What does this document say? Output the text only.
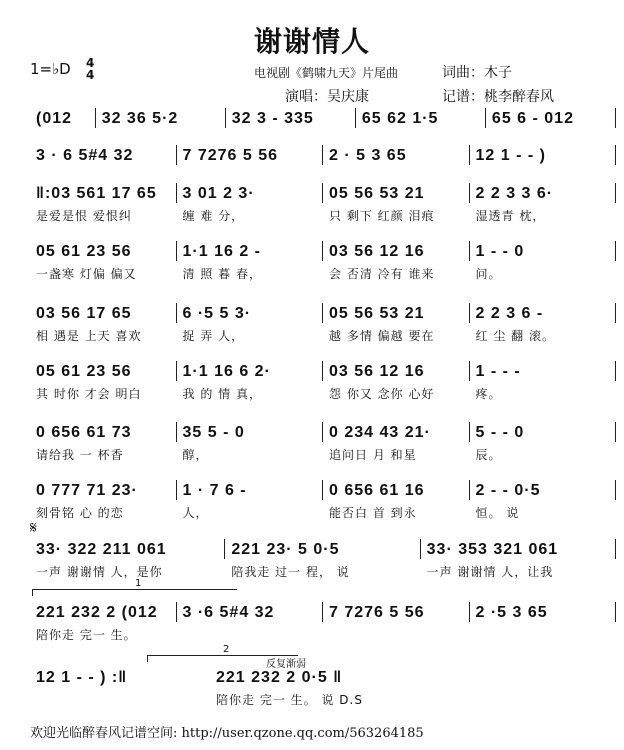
谢谢情人
1=♭D 4
4	电视剧《鹤啸九天》片尾曲	词曲：木子
演唱：吴庆康	记谱：桃李醉春风
𝄋
1
2
反复渐弱
(012	32 36 5·2	32 3 - 335	65 62 1·5	65 6 - 012
3 · 6 5#4 32	7 7276 5 56	2 · 5 3 65	12 1 - - )
‖:03 561 17 65
是爱是恨 爱恨纠
3 01 2 3·
缠 难 分，
05 56 53 21
只 剩下 红颜 泪痕
2 2 3 3 6·
湿透青 枕，
05 61 23 56
一盏寒 灯偏 偏又
1·1 16 2 -
清 照 暮 春，
03 56 12 16
会 否清 冷有 谁来
1 - - 0
问。
03 56 17 65
相 遇是 上天 喜欢
6 ·5 5 3·
捉 弄 人，
05 56 53 21
越 多情 偏越 要在
2 2 3 6 -
红 尘 翻 滚。
05 61 23 56
其 时你 才会 明白
1·1 16 6 2·
我 的 情 真，
03 56 12 16
怨 你又 念你 心好
1 - - -
疼。
0 656 61 73
请给我 一 杯香
35 5 - 0
醇，
0 234 43 21·
追问日 月 和星
5 - - 0
辰。
0 777 71 23·
刻骨铭 心 的恋
1 · 7 6 -
人，
0 656 61 16
能否白 首 到永
2 - - 0·5
恒。 说
33· 322 211 061
一声 谢谢情 人，是你
221 23· 5 0·5
陪我走 过一 程， 说
33· 353 321 061
一声 谢谢情 人，让我
221 232 2 (012
陪你走 完一 生。
3 ·6 5#4 32	7 7276 5 56	2 ·5 3 65
12 1 - - ) :‖	221 232 2 0·5 ‖
陪你走 完一 生。 说 D.S
欢迎光临醉春风记谱空间: http://user.qzone.qq.com/563264185
